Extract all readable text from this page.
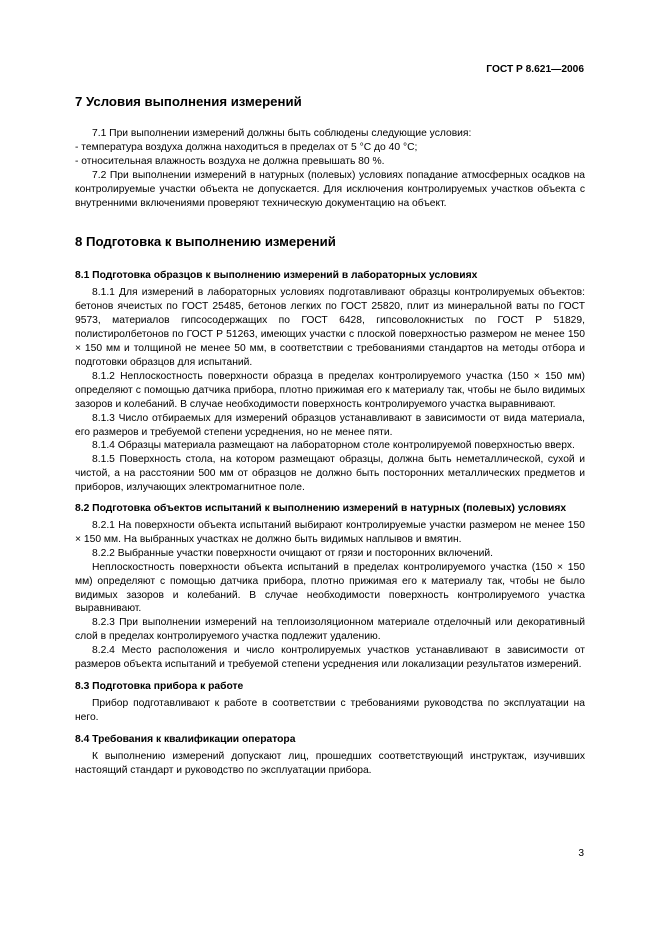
ГОСТ Р 8.621—2006
7 Условия выполнения измерений

7.1 При выполнении измерений должны быть соблюдены следующие условия:

- температура воздуха должна находиться в пределах от 5 °С до 40 °С;

- относительная влажность воздуха не должна превышать 80 %.

7.2 При выполнении измерений в натурных (полевых) условиях попадание атмосферных осадков на контролируемые участки объекта не допускается. Для исключения контролируемых участков объекта с внутренними включениями проверяют техническую документацию на объект.

8 Подготовка к выполнению измерений
8.1 Подготовка образцов к выполнению измерений в лабораторных условиях

8.1.1 Для измерений в лабораторных условиях подготавливают образцы контролируемых объектов: бетонов ячеистых по ГОСТ 25485, бетонов легких по ГОСТ 25820, плит из минеральной ваты по ГОСТ 9573, материалов гипсосодержащих по ГОСТ 6428, гипсоволокнистых по ГОСТ Р 51829, полистиролбетонов по ГОСТ Р 51263, имеющих участки с плоской поверхностью размером не менее 150 × 150 мм и толщиной не менее 50 мм, в соответствии с требованиями стандартов на методы отбора и подготовки образцов для испытаний.

8.1.2 Неплоскостность поверхности образца в пределах контролируемого участка (150 × 150 мм) определяют с помощью датчика прибора, плотно прижимая его к материалу так, чтобы не было видимых зазоров и колебаний. В случае необходимости поверхность контролируемого участка выравнивают.

8.1.3 Число отбираемых для измерений образцов устанавливают в зависимости от вида материала, его размеров и требуемой степени усреднения, но не менее пяти.

8.1.4 Образцы материала размещают на лабораторном столе контролируемой поверхностью вверх.

8.1.5 Поверхность стола, на котором размещают образцы, должна быть неметаллической, сухой и чистой, а на расстоянии 500 мм от образцов не должно быть посторонних металлических предметов и приборов, излучающих электромагнитное поле.

8.2 Подготовка объектов испытаний к выполнению измерений в натурных (полевых) условиях

8.2.1 На поверхности объекта испытаний выбирают контролируемые участки размером не менее 150 × 150 мм. На выбранных участках не должно быть видимых наплывов и вмятин.

8.2.2 Выбранные участки поверхности очищают от грязи и посторонних включений.

Неплоскостность поверхности объекта испытаний в пределах контролируемого участка (150 × 150 мм) определяют с помощью датчика прибора, плотно прижимая его к материалу так, чтобы не было видимых зазоров и колебаний. В случае необходимости поверхность контролируемого участка выравнивают.

8.2.3 При выполнении измерений на теплоизоляционном материале отделочный или декоративный слой в пределах контролируемого участка подлежит удалению.

8.2.4 Место расположения и число контролируемых участков устанавливают в зависимости от размеров объекта испытаний и требуемой степени усреднения или локализации результатов измерений.

8.3 Подготовка прибора к работе

Прибор подготавливают к работе в соответствии с требованиями руководства по эксплуатации на него.

8.4 Требования к квалификации оператора

К выполнению измерений допускают лиц, прошедших соответствующий инструктаж, изучивших настоящий стандарт и руководство по эксплуатации прибора.

3
